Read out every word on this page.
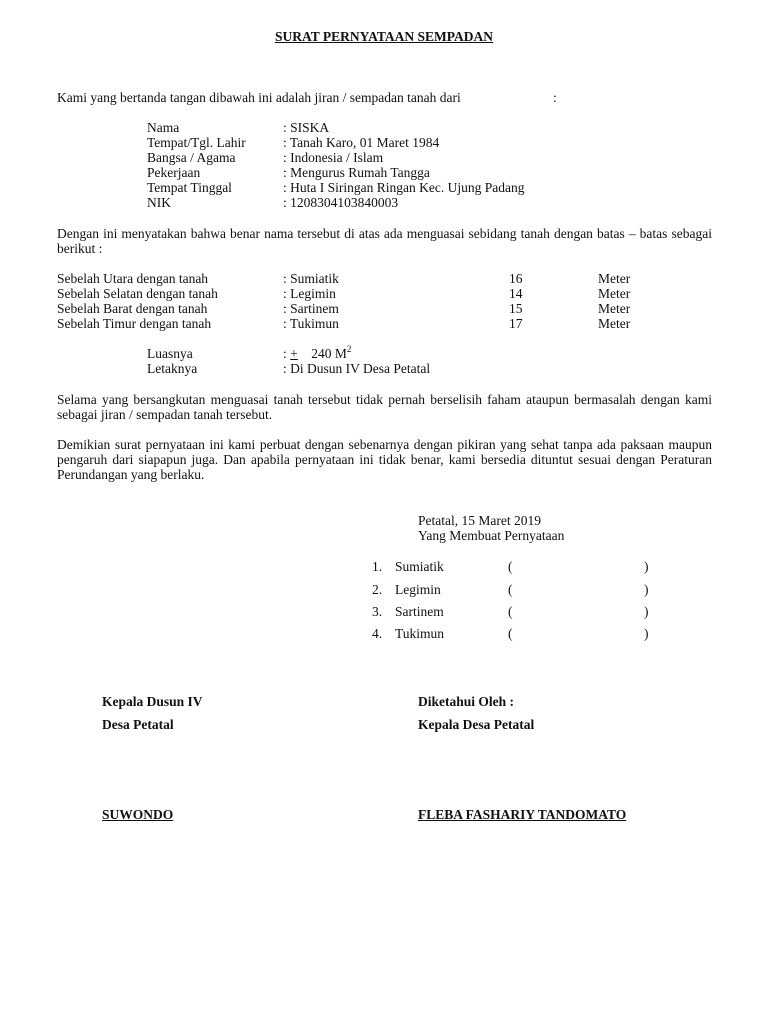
SURAT PERNYATAAN SEMPADAN
Kami yang bertanda tangan dibawah ini adalah jiran / sempadan tanah dari	:
Nama	: SISKA
Tempat/Tgl. Lahir	: Tanah Karo, 01 Maret 1984
Bangsa / Agama	: Indonesia / Islam
Pekerjaan	: Mengurus Rumah Tangga
Tempat Tinggal	: Huta I Siringan Ringan Kec. Ujung Padang
NIK	: 1208304103840003
Dengan ini menyatakan bahwa benar nama tersebut di atas ada menguasai sebidang tanah dengan batas – batas sebagai berikut :
Sebelah Utara dengan tanah	: Sumiatik	16	Meter
Sebelah Selatan dengan tanah	: Legimin	14	Meter
Sebelah Barat dengan tanah	: Sartinem	15	Meter
Sebelah Timur dengan tanah	: Tukimun	17	Meter
Luasnya	: + 240 $M^2$
Letaknya	: Di Dusun IV Desa Petatal
Selama yang bersangkutan menguasai tanah tersebut tidak pernah berselisih faham ataupun bermasalah dengan kami sebagai jiran / sempadan tanah tersebut.
Demikian surat pernyataan ini kami perbuat dengan sebenarnya dengan pikiran yang sehat tanpa ada paksaan maupun pengaruh dari siapapun juga. Dan apabila pernyataan ini tidak benar, kami bersedia dituntut sesuai dengan Peraturan Perundangan yang berlaku.
Petatal, 15 Maret 2019
Yang Membuat Pernyataan
1. Sumiatik	(	)
2. Legimin	(	)
3. Sartinem	(	)
4. Tukimun	(	)
Kepala Dusun IV
Desa Petatal
SUWONDO
Diketahui Oleh :
Kepala Desa Petatal
FLEBA FASHARIY TANDOMATO
